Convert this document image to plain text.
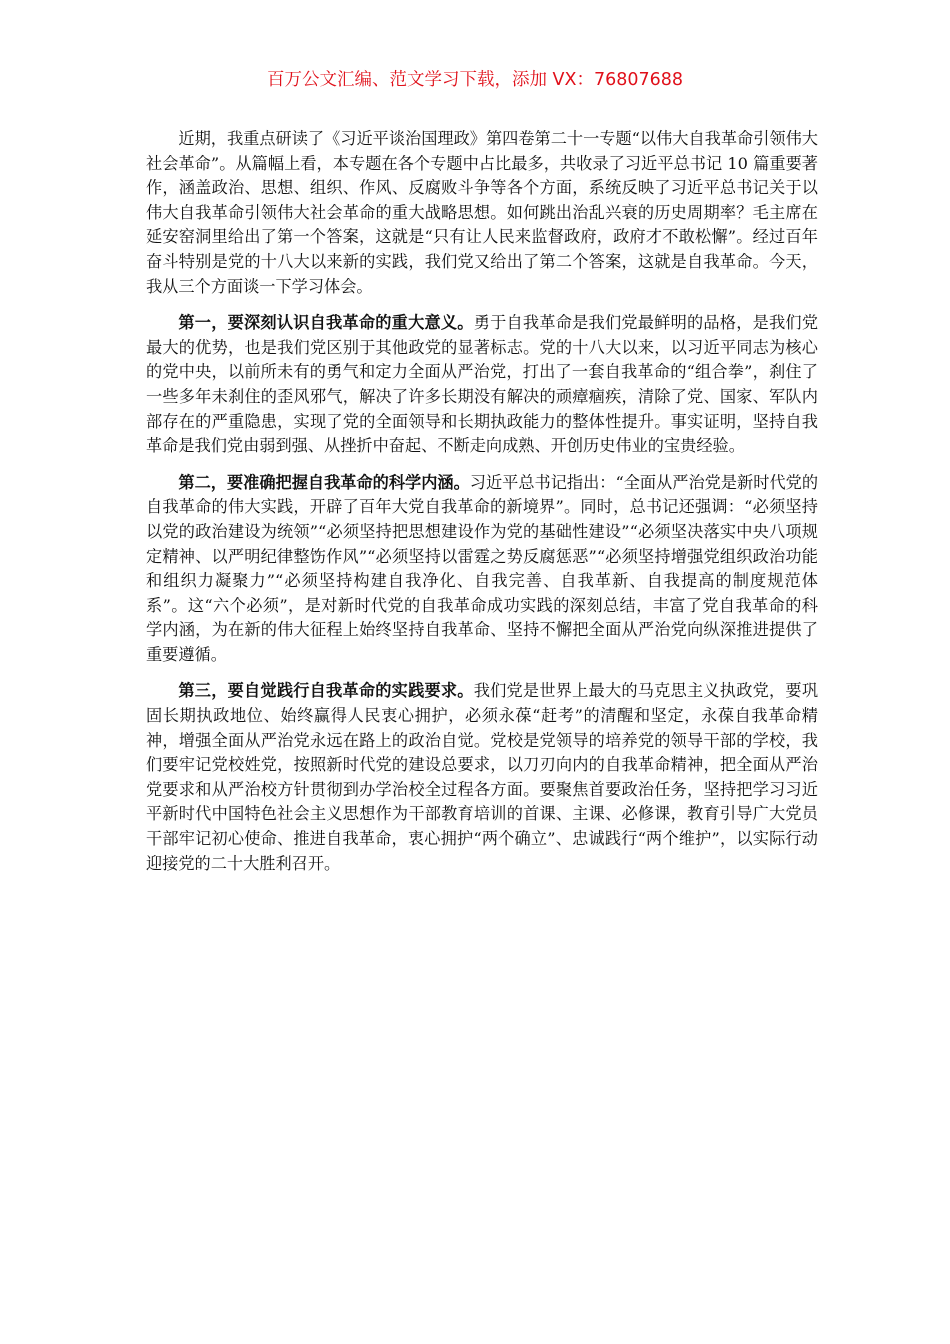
百万公文汇编、范文学习下载，添加 VX：76807688

近期，我重点研读了《习近平谈治国理政》第四卷第二十一专题“以伟大自我革命引领伟大社会革命”。从篇幅上看，本专题在各个专题中占比最多，共收录了习近平总书记 10 篇重要著作，涵盖政治、思想、组织、作风、反腐败斗争等各个方面，系统反映了习近平总书记关于以伟大自我革命引领伟大社会革命的重大战略思想。如何跳出治乱兴衰的历史周期率？毛主席在延安窑洞里给出了第一个答案，这就是“只有让人民来监督政府，政府才不敢松懈”。经过百年奋斗特别是党的十八大以来新的实践，我们党又给出了第二个答案，这就是自我革命。今天，我从三个方面谈一下学习体会。

第一，要深刻认识自我革命的重大意义。勇于自我革命是我们党最鲜明的品格，是我们党最大的优势，也是我们党区别于其他政党的显著标志。党的十八大以来，以习近平同志为核心的党中央，以前所未有的勇气和定力全面从严治党，打出了一套自我革命的“组合拳”，刹住了一些多年未刹住的歪风邪气，解决了许多长期没有解决的顽瘴痼疾，清除了党、国家、军队内部存在的严重隐患，实现了党的全面领导和长期执政能力的整体性提升。事实证明，坚持自我革命是我们党由弱到强、从挫折中奋起、不断走向成熟、开创历史伟业的宝贵经验。

第二，要准确把握自我革命的科学内涵。习近平总书记指出：“全面从严治党是新时代党的自我革命的伟大实践，开辟了百年大党自我革命的新境界”。同时，总书记还强调：“必须坚持以党的政治建设为统领”“必须坚持把思想建设作为党的基础性建设”“必须坚决落实中央八项规定精神、以严明纪律整饬作风”“必须坚持以雷霆之势反腐惩恶”“必须坚持增强党组织政治功能和组织力凝聚力”“必须坚持构建自我净化、自我完善、自我革新、自我提高的制度规范体系”。这“六个必须”，是对新时代党的自我革命成功实践的深刻总结，丰富了党自我革命的科学内涵，为在新的伟大征程上始终坚持自我革命、坚持不懈把全面从严治党向纵深推进提供了重要遵循。

第三，要自觉践行自我革命的实践要求。我们党是世界上最大的马克思主义执政党，要巩固长期执政地位、始终赢得人民衷心拥护，必须永葆“赶考”的清醒和坚定，永葆自我革命精神，增强全面从严治党永远在路上的政治自觉。党校是党领导的培养党的领导干部的学校，我们要牢记党校姓党，按照新时代党的建设总要求，以刀刃向内的自我革命精神，把全面从严治党要求和从严治校方针贯彻到办学治校全过程各方面。要聚焦首要政治任务，坚持把学习习近平新时代中国特色社会主义思想作为干部教育培训的首课、主课、必修课，教育引导广大党员干部牢记初心使命、推进自我革命，衷心拥护“两个确立”、忠诚践行“两个维护”，以实际行动迎接党的二十大胜利召开。
